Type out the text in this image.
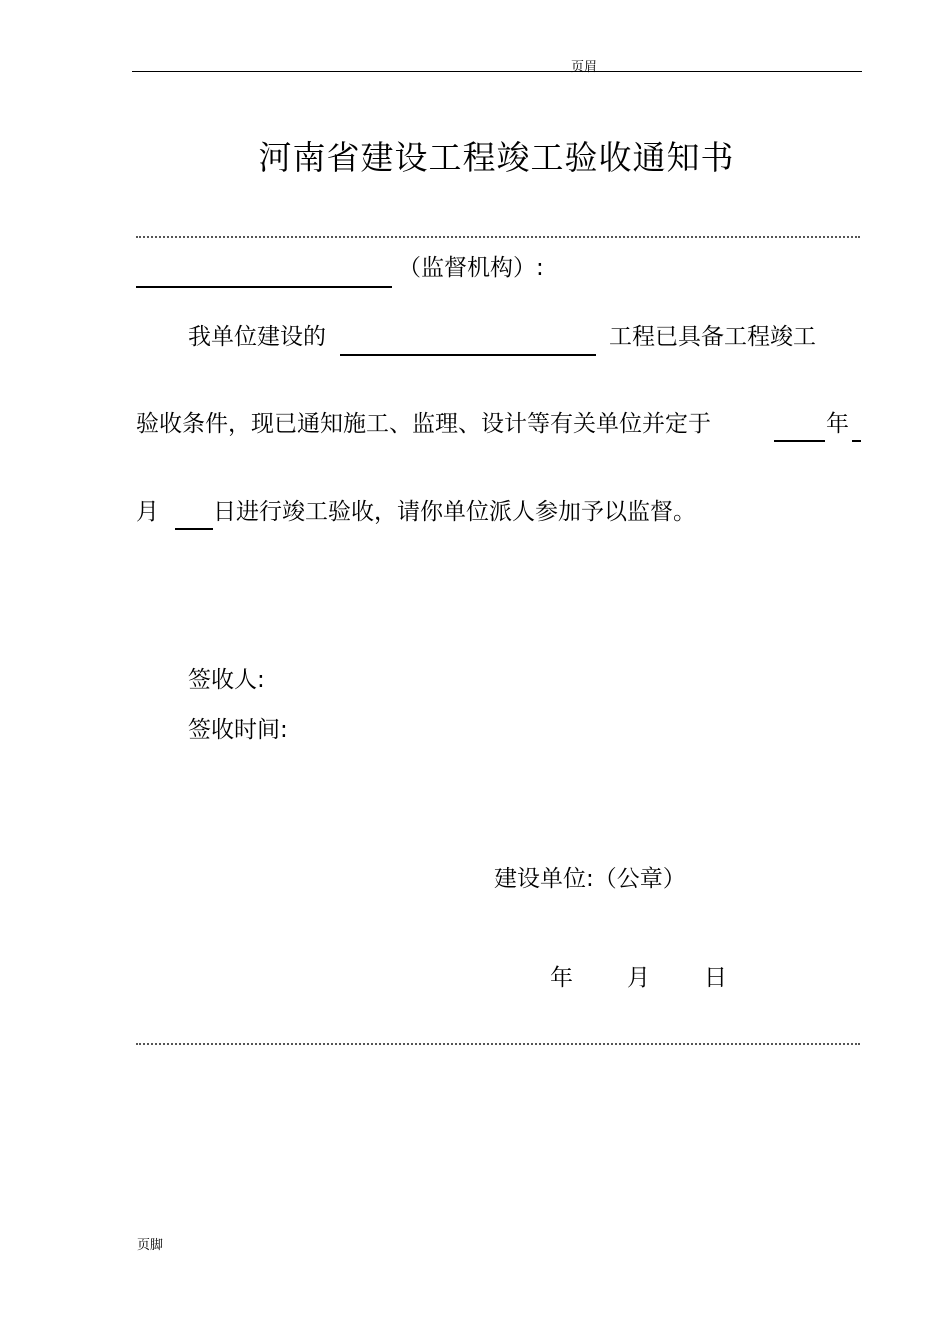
页眉
河南省建设工程竣工验收通知书
（监督机构）:
我单位建设的	工程已具备工程竣工
验收条件，现已通知施工、监理、设计等有关单位并定于	年
月 日进行竣工验收，请你单位派人参加予以监督。
签收人:
签收时间:
建设单位:（公章）
年 月 日
页脚
